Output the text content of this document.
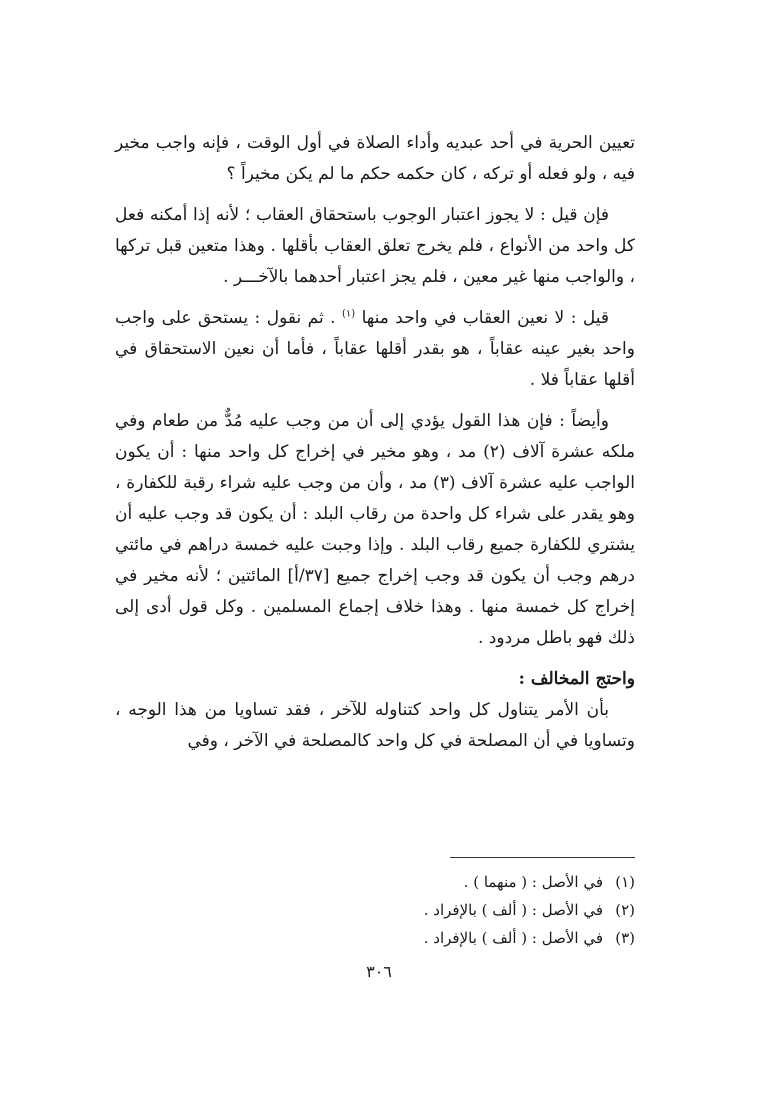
تعيين الحرية في أحد عبديه وأداء الصلاة في أول الوقت ، فإنه واجب مخير فيه ، ولو فعله أو تركه ، كان حكمه حكم ما لم يكن مخيراً ؟

فإن قيل : لا يجوز اعتبار الوجوب باستحقاق العقاب ؛ لأنه إذا أمكنه فعل كل واحد من الأنواع ، فلم يخرج تعلق العقاب بأقلها . وهذا متعين قبل تركها ، والواجب منها غير معين ، فلم يجز اعتبار أحدهما بالآخـــر .

قيل : لا نعين العقاب في واحد منها $^{(١)}$ . ثم نقول : يستحق على واجب واحد بغير عينه عقاباً ، هو بقدر أقلها عقاباً ، فأما أن نعين الاستحقاق في أقلها عقاباً فلا .

وأيضاً : فإن هذا القول يؤدي إلى أن من وجب عليه مُدٌّ من طعام وفي ملكه عشرة آلاف (٢) مد ، وهو مخير في إخراج كل واحد منها : أن يكون الواجب عليه عشرة آلاف (٣) مد ، وأن من وجب عليه شراء رقبة للكفارة ، وهو يقدر على شراء كل واحدة من رقاب البلد : أن يكون قد وجب عليه أن يشتري للكفارة جميع رقاب البلد . وإذا وجبت عليه خمسة دراهم في مائتي درهم وجب أن يكون قد وجب إخراج جميع [٣٧/أ] المائتين ؛ لأنه مخير في إخراج كل خمسة منها . وهذا خلاف إجماع المسلمين . وكل قول أدى إلى ذلك فهو باطل مردود .

واحتج المخالف :

بأن الأمر يتناول كل واحد كتناوله للآخر ، فقد تساويا من هذا الوجه ، وتساويا في أن المصلحة في كل واحد كالمصلحة في الآخر ، وفي

(١)في الأصل : ( منهما ) .

(٢)في الأصل : ( ألف ) بالإفراد .

(٣)في الأصل : ( ألف ) بالإفراد .

٣٠٦
